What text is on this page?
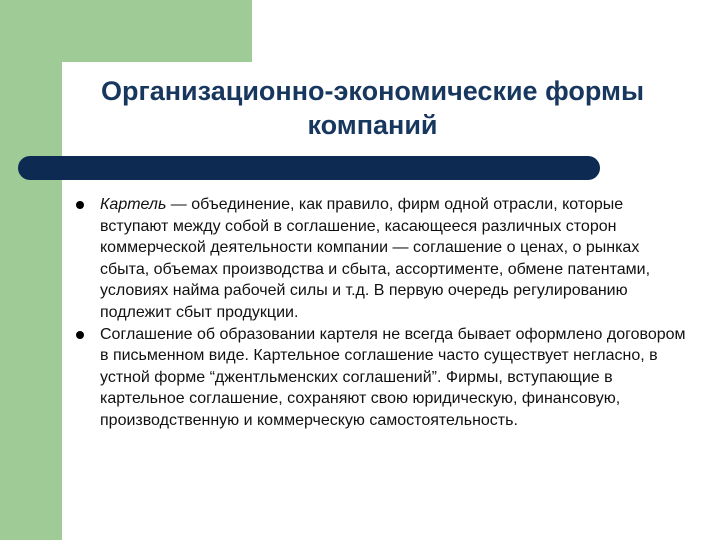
Организационно-экономические формы компаний
Картель — объединение, как правило, фирм одной отрасли, которые вступают между собой в соглашение, касающееся различных сторон коммерческой деятельности компании — соглашение о ценах, о рынках сбыта, объемах производства и сбыта, ассортименте, обмене патентами, условиях найма рабочей силы и т.д. В первую очередь регулированию подлежит сбыт продукции.
Соглашение об образовании картеля не всегда бывает оформлено договором в письменном виде. Картельное соглашение часто существует негласно, в устной форме “джентльменских соглашений”. Фирмы, вступающие в картельное соглашение, сохраняют свою юридическую, финансовую, производственную и коммерческую самостоятельность.
